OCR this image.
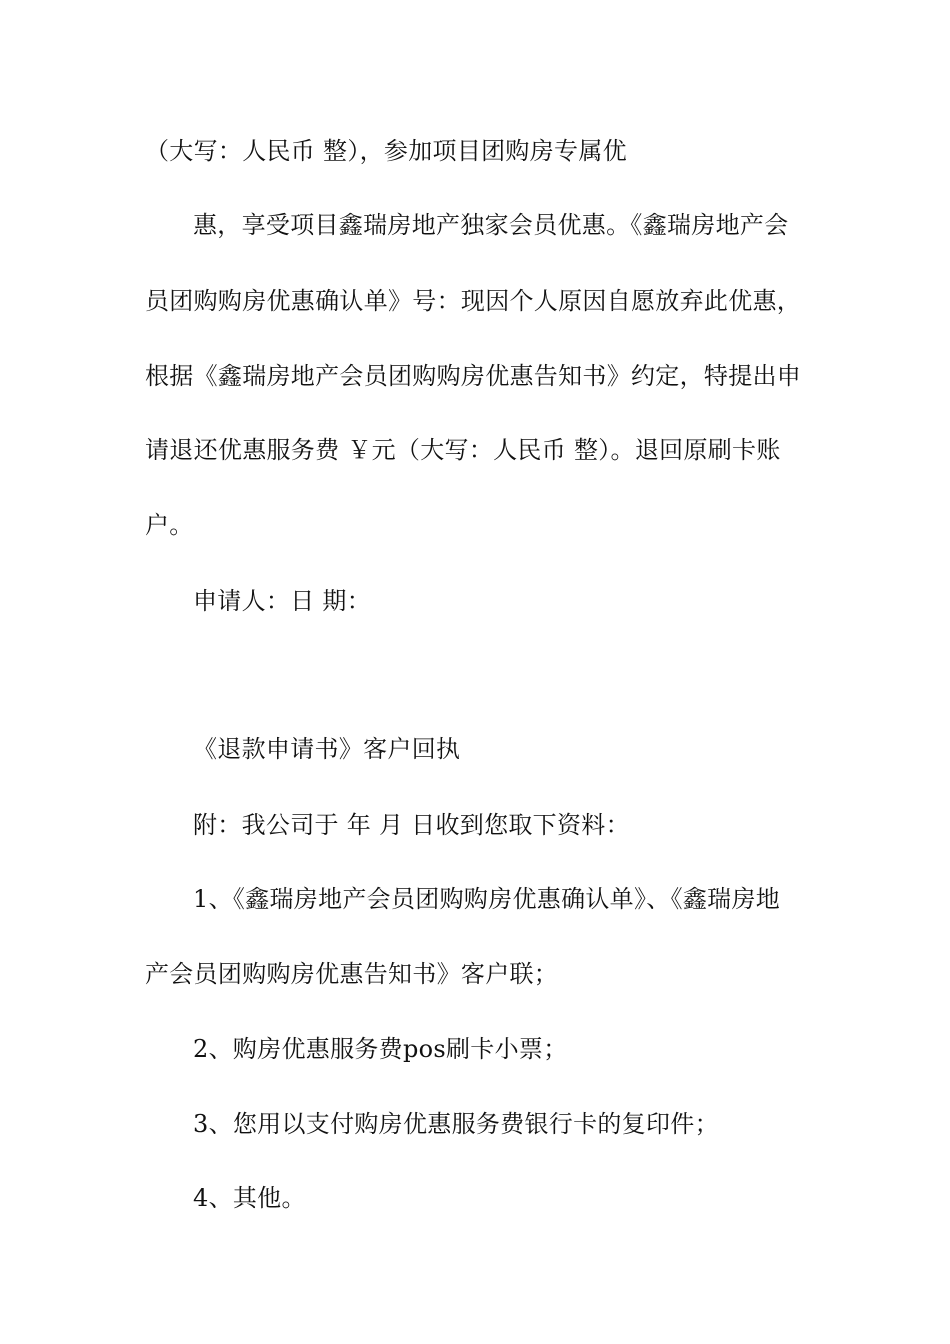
（大写：人民币 整），参加项目团购房专属优
惠，享受项目鑫瑞房地产独家会员优惠。《鑫瑞房地产会
员团购购房优惠确认单》号：现因个人原因自愿放弃此优惠，
根据《鑫瑞房地产会员团购购房优惠告知书》约定，特提出申
请退还优惠服务费 ￥元（大写：人民币 整）。退回原刷卡账
户。
申请人：日 期：
《退款申请书》客户回执
附：我公司于 年 月 日收到您取下资料：
1、《鑫瑞房地产会员团购购房优惠确认单》、《鑫瑞房地
产会员团购购房优惠告知书》客户联；
2、购房优惠服务费pos刷卡小票；
3、您用以支付购房优惠服务费银行卡的复印件；
4、其他。
